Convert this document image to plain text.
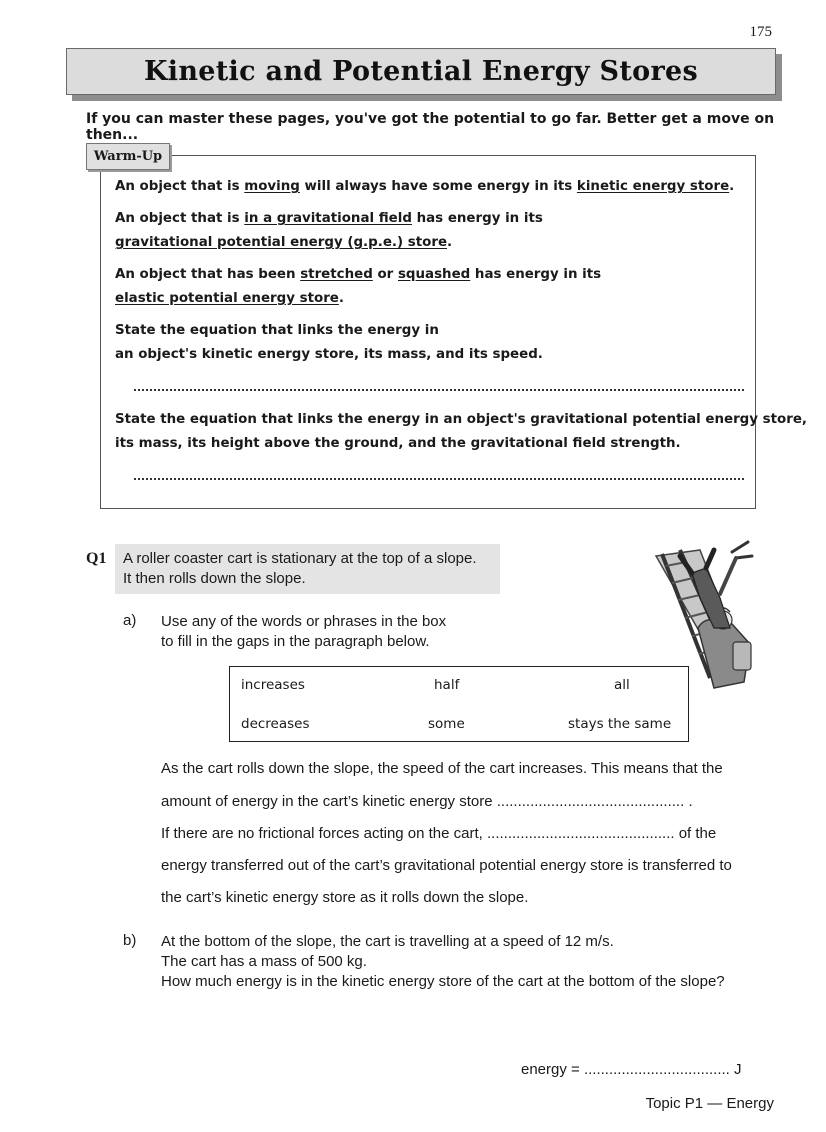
175
Kinetic and Potential Energy Stores
If you can master these pages, you've got the potential to go far. Better get a move on then...
Warm-Up
An object that is moving will always have some energy in its kinetic energy store.
An object that is in a gravitational field has energy in its
gravitational potential energy (g.p.e.) store.
An object that has been stretched or squashed has energy in its
elastic potential energy store.
State the equation that links the energy in
an object's kinetic energy store, its mass, and its speed.
State the equation that links the energy in an object's gravitational potential energy store,
its mass, its height above the ground, and the gravitational field strength.
Q1 A roller coaster cart is stationary at the top of a slope.
It then rolls down the slope.
a) Use any of the words or phrases in the box
to fill in the gaps in the paragraph below.
increases	half	all
decreases	some	stays the same
As the cart rolls down the slope, the speed of the cart increases. This means that the
amount of energy in the cart’s kinetic energy store ............................................. .
If there are no frictional forces acting on the cart, ............................................. of the
energy transferred out of the cart’s gravitational potential energy store is transferred to
the cart’s kinetic energy store as it rolls down the slope.
b) At the bottom of the slope, the cart is travelling at a speed of 12 m/s.
The cart has a mass of 500 kg.
How much energy is in the kinetic energy store of the cart at the bottom of the slope?
energy = ................................... J
Topic P1 — Energy
